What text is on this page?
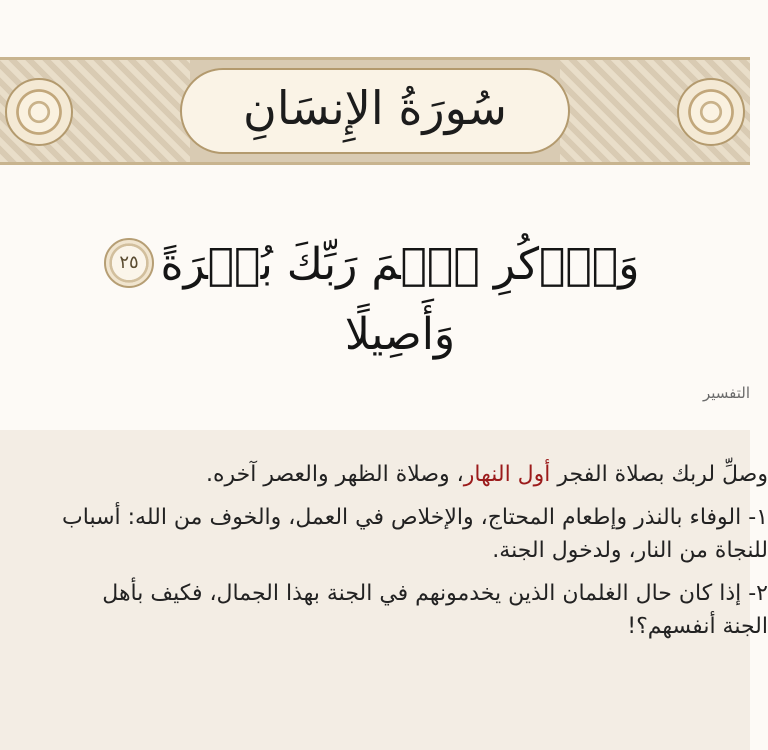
سُورَةُ الإِنسَانِ
وَٱذۡكُرِ ٱسۡمَ رَبِّكَ بُكۡرَةً وَأَصِيلًا
٢٥
التفسير

وصلِّ لربك بصلاة الفجر أول النهار، وصلاة الظهر والعصر آخره.

١- الوفاء بالنذر وإطعام المحتاج، والإخلاص في العمل، والخوف من الله: أسباب

للنجاة من النار، ولدخول الجنة.

٢- إذا كان حال الغلمان الذين يخدمونهم في الجنة بهذا الجمال، فكيف بأهل

الجنة أنفسهم؟!
